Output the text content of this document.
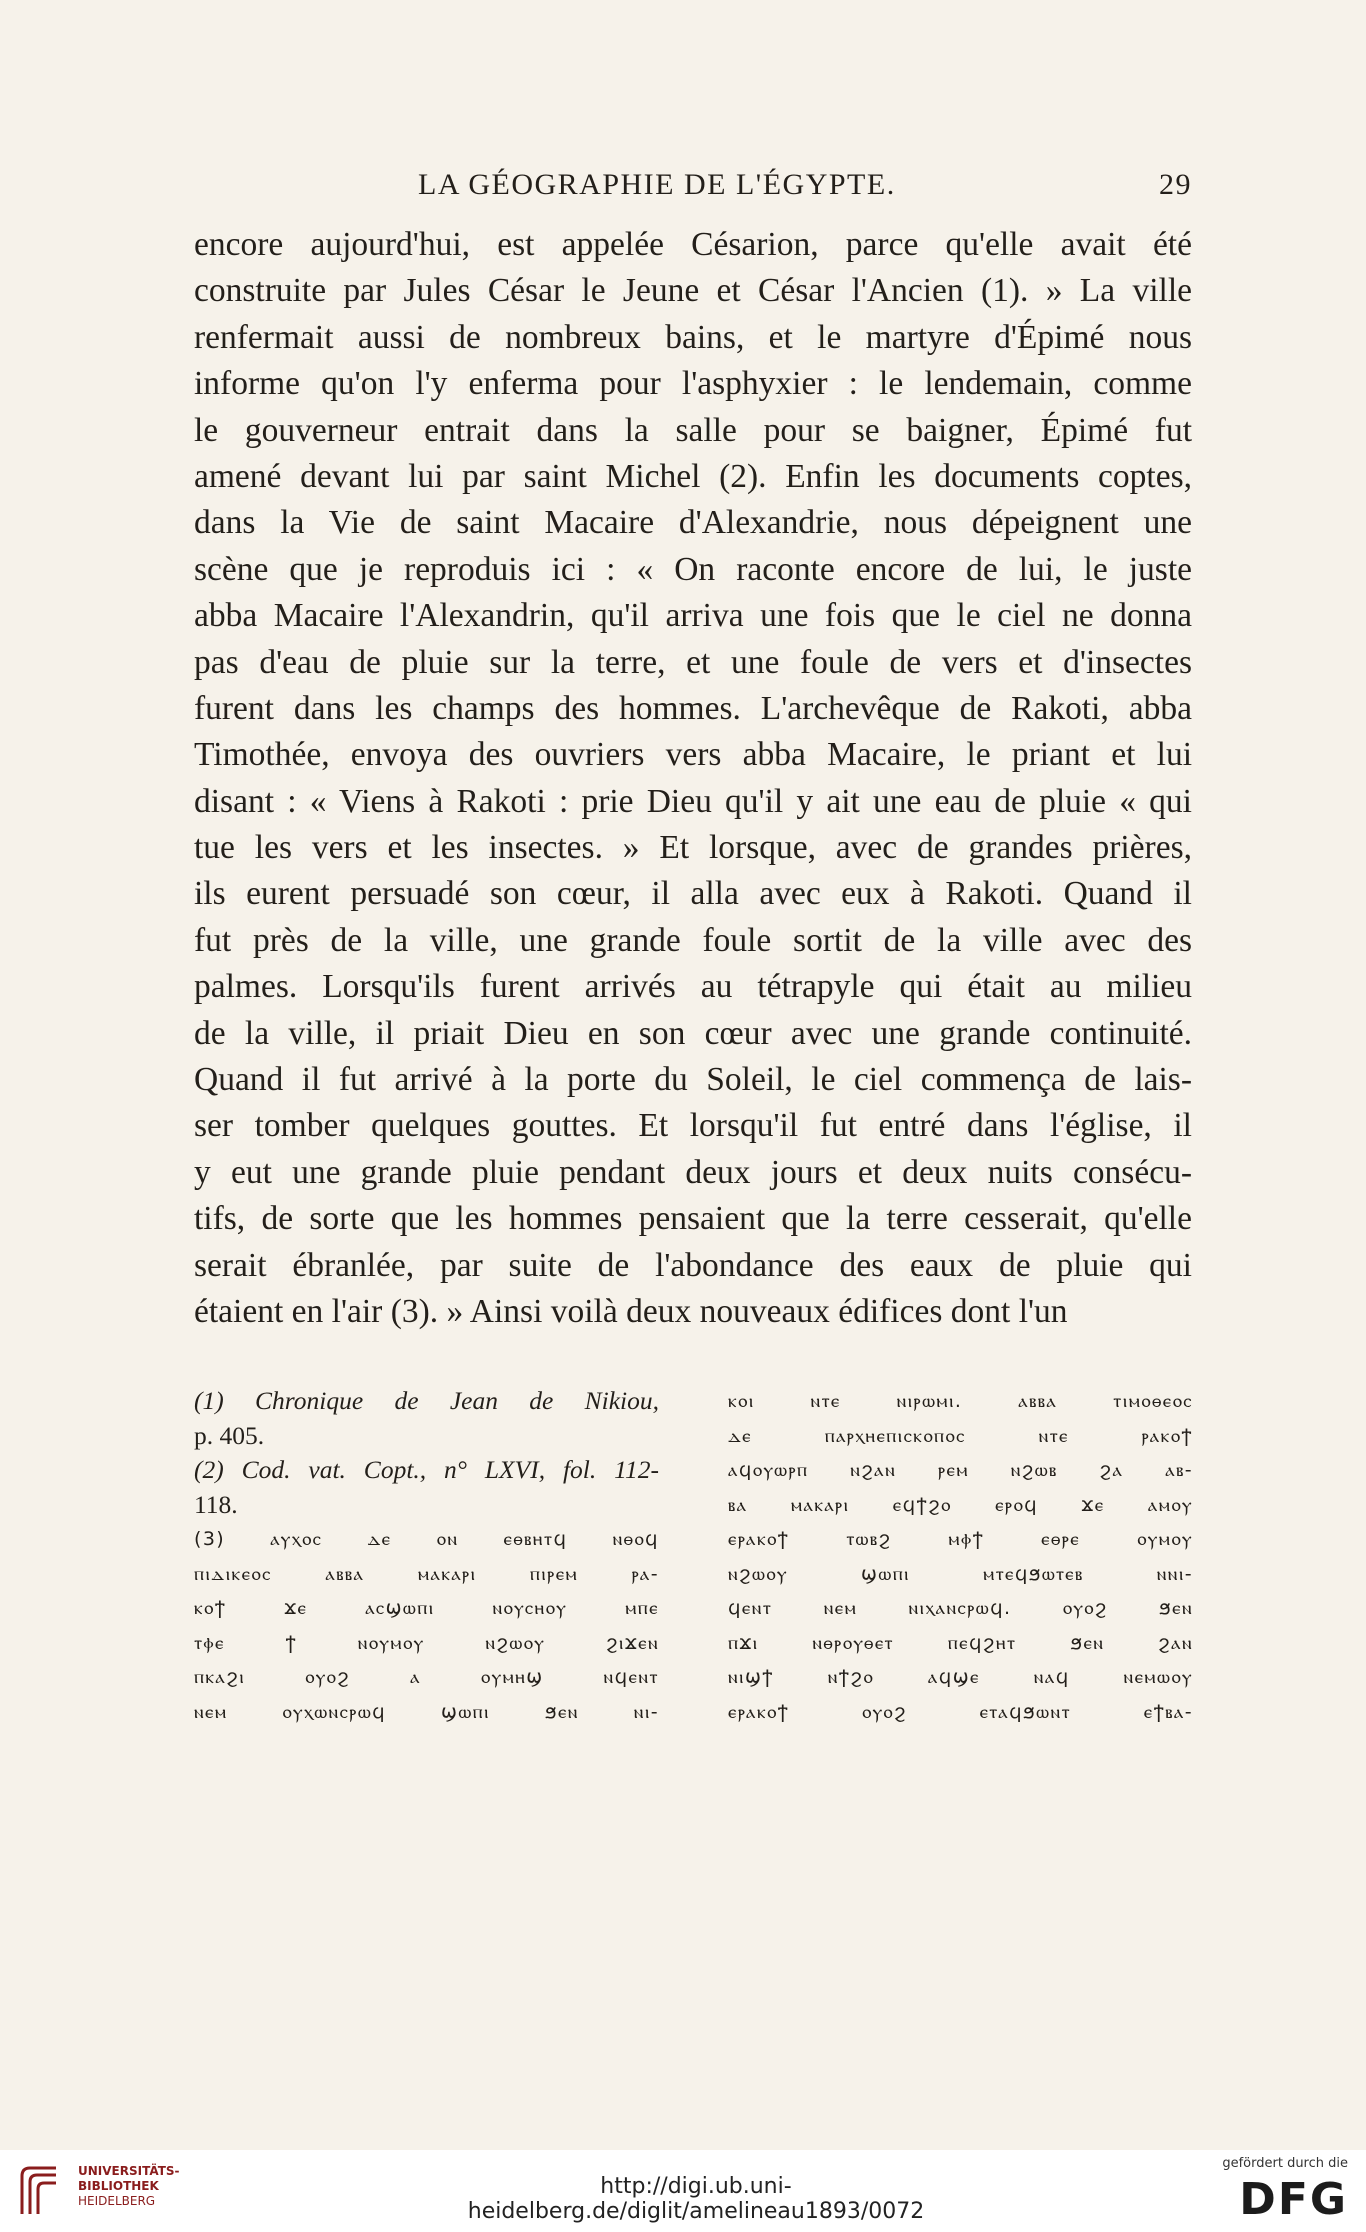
LA GÉOGRAPHIE DE L'ÉGYPTE.	29
encore aujourd'hui, est appelée Césarion, parce qu'elle avait été
construite par Jules César le Jeune et César l'Ancien (1). » La ville
renfermait aussi de nombreux bains, et le martyre d'Épimé nous
informe qu'on l'y enferma pour l'asphyxier : le lendemain, comme
le gouverneur entrait dans la salle pour se baigner, Épimé fut
amené devant lui par saint Michel (2). Enfin les documents coptes,
dans la Vie de saint Macaire d'Alexandrie, nous dépeignent une
scène que je reproduis ici : « On raconte encore de lui, le juste
abba Macaire l'Alexandrin, qu'il arriva une fois que le ciel ne donna
pas d'eau de pluie sur la terre, et une foule de vers et d'insectes
furent dans les champs des hommes. L'archevêque de Rakoti, abba
Timothée, envoya des ouvriers vers abba Macaire, le priant et lui
disant : « Viens à Rakoti : prie Dieu qu'il y ait une eau de pluie « qui
tue les vers et les insectes. » Et lorsque, avec de grandes prières,
ils eurent persuadé son cœur, il alla avec eux à Rakoti. Quand il
fut près de la ville, une grande foule sortit de la ville avec des
palmes. Lorsqu'ils furent arrivés au tétrapyle qui était au milieu
de la ville, il priait Dieu en son cœur avec une grande continuité.
Quand il fut arrivé à la porte du Soleil, le ciel commença de lais-
ser tomber quelques gouttes. Et lorsqu'il fut entré dans l'église, il
y eut une grande pluie pendant deux jours et deux nuits consécu-
tifs, de sorte que les hommes pensaient que la terre cesserait, qu'elle
serait ébranlée, par suite de l'abondance des eaux de pluie qui
étaient en l'air (3). » Ainsi voilà deux nouveaux édifices dont l'un
(1) Chronique de Jean de Nikiou,
p. 405.
(2) Cod. vat. Copt., n° LXVI, fol. 112-
118.
(3) ⲁⲩⲭⲟⲥ ⲇⲉ ⲟⲛ ⲉⲑⲃⲏⲧϥ ⲛⲑⲟϥ
ⲡⲓⲇⲓⲕⲉⲟⲥ ⲁⲃⲃⲁ ⲙⲁⲕⲁⲣⲓ ⲡⲓⲣⲉⲙ ⲣⲁ-
ⲕⲟϯ ϫⲉ ⲁⲥϣⲱⲡⲓ ⲛⲟⲩⲥⲏⲟⲩ ⲙⲡⲉ
ⲧⲫⲉ ϯ ⲛⲟⲩⲙⲟⲩ ⲛϩⲱⲟⲩ ϩⲓϫⲉⲛ
ⲡⲕⲁϩⲓ ⲟⲩⲟϩ ⲁ ⲟⲩⲙⲏϣ ⲛϥⲉⲛⲧ
ⲛⲉⲙ ⲟⲩⲭⲱⲛⲥⲣⲱϥ ϣⲱⲡⲓ ϧⲉⲛ ⲛⲓ-
ⲕⲟⲓ ⲛⲧⲉ ⲛⲓⲣⲱⲙⲓ. ⲁⲃⲃⲁ ⲧⲓⲙⲟⲑⲉⲟⲥ
ⲇⲉ ⲡⲁⲣⲭⲏⲉⲡⲓⲥⲕⲟⲡⲟⲥ ⲛⲧⲉ ⲣⲁⲕⲟϯ
ⲁϥⲟⲩⲱⲣⲡ ⲛϩⲁⲛ ⲣⲉⲙ ⲛϩⲱⲃ ϩⲁ ⲁⲃ-
ⲃⲁ ⲙⲁⲕⲁⲣⲓ ⲉϥϯϩⲟ ⲉⲣⲟϥ ϫⲉ ⲁⲙⲟⲩ
ⲉⲣⲁⲕⲟϯ ⲧⲱⲃϩ ⲙⲫϯ ⲉⲑⲣⲉ ⲟⲩⲙⲟⲩ
ⲛϩⲱⲟⲩ ϣⲱⲡⲓ ⲙⲧⲉϥϧⲱⲧⲉⲃ ⲛⲛⲓ-
ϥⲉⲛⲧ ⲛⲉⲙ ⲛⲓⲭⲁⲛⲥⲣⲱϥ. ⲟⲩⲟϩ ϧⲉⲛ
ⲡϫⲓ ⲛⲑⲣⲟⲩⲑⲉⲧ ⲡⲉϥϩⲏⲧ ϧⲉⲛ ϩⲁⲛ
ⲛⲓϣϯ ⲛϯϩⲟ ⲁϥϣⲉ ⲛⲁϥ ⲛⲉⲙⲱⲟⲩ
ⲉⲣⲁⲕⲟϯ ⲟⲩⲟϩ ⲉⲧⲁϥϧⲱⲛⲧ ⲉϯⲃⲁ-
UNIVERSITÄTS-
BIBLIOTHEK
HEIDELBERG
http://digi.ub.uni-heidelberg.de/diglit/amelineau1893/0072
gefördert durch die
DFG
